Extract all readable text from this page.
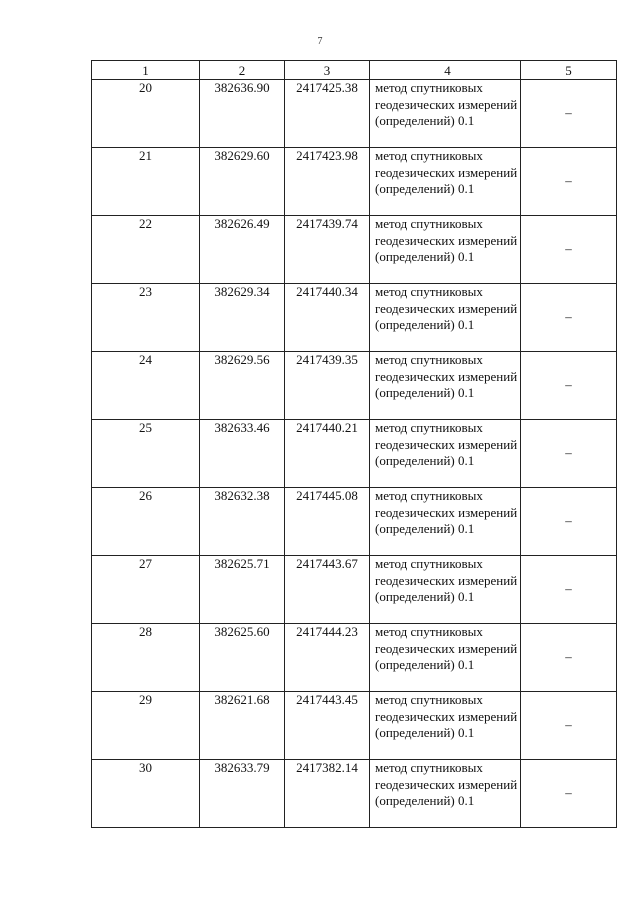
7
1	2	3	4	5
20	382636.90	2417425.38	метод спутниковых геодезических измерений (определений) 0.1	–
21	382629.60	2417423.98	метод спутниковых геодезических измерений (определений) 0.1	–
22	382626.49	2417439.74	метод спутниковых геодезических измерений (определений) 0.1	–
23	382629.34	2417440.34	метод спутниковых геодезических измерений (определений) 0.1	–
24	382629.56	2417439.35	метод спутниковых геодезических измерений (определений) 0.1	–
25	382633.46	2417440.21	метод спутниковых геодезических измерений (определений) 0.1	–
26	382632.38	2417445.08	метод спутниковых геодезических измерений (определений) 0.1	–
27	382625.71	2417443.67	метод спутниковых геодезических измерений (определений) 0.1	–
28	382625.60	2417444.23	метод спутниковых геодезических измерений (определений) 0.1	–
29	382621.68	2417443.45	метод спутниковых геодезических измерений (определений) 0.1	–
30	382633.79	2417382.14	метод спутниковых геодезических измерений (определений) 0.1	–
